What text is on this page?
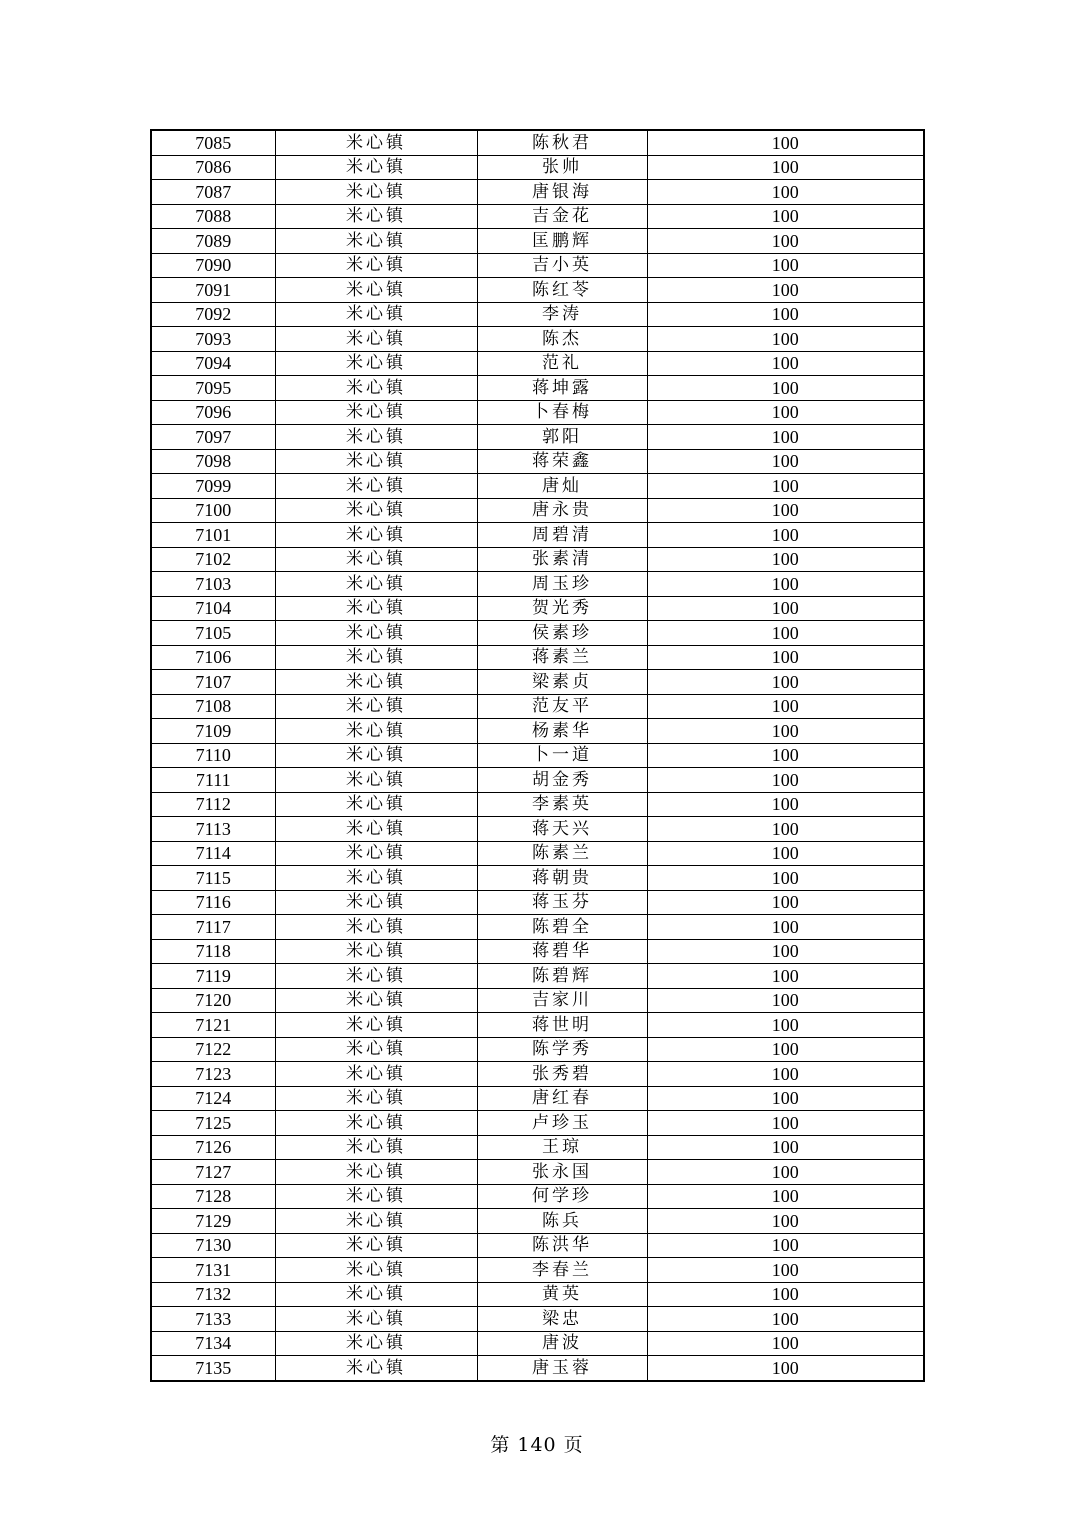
7085	米心镇	陈秋君	100
7086	米心镇	张帅	100
7087	米心镇	唐银海	100
7088	米心镇	吉金花	100
7089	米心镇	匡鹏辉	100
7090	米心镇	吉小英	100
7091	米心镇	陈红苓	100
7092	米心镇	李涛	100
7093	米心镇	陈杰	100
7094	米心镇	范礼	100
7095	米心镇	蒋坤露	100
7096	米心镇	卜春梅	100
7097	米心镇	郭阳	100
7098	米心镇	蒋荣鑫	100
7099	米心镇	唐灿	100
7100	米心镇	唐永贵	100
7101	米心镇	周碧清	100
7102	米心镇	张素清	100
7103	米心镇	周玉珍	100
7104	米心镇	贺光秀	100
7105	米心镇	侯素珍	100
7106	米心镇	蒋素兰	100
7107	米心镇	梁素贞	100
7108	米心镇	范友平	100
7109	米心镇	杨素华	100
7110	米心镇	卜一道	100
7111	米心镇	胡金秀	100
7112	米心镇	李素英	100
7113	米心镇	蒋天兴	100
7114	米心镇	陈素兰	100
7115	米心镇	蒋朝贵	100
7116	米心镇	蒋玉芬	100
7117	米心镇	陈碧全	100
7118	米心镇	蒋碧华	100
7119	米心镇	陈碧辉	100
7120	米心镇	吉家川	100
7121	米心镇	蒋世明	100
7122	米心镇	陈学秀	100
7123	米心镇	张秀碧	100
7124	米心镇	唐红春	100
7125	米心镇	卢珍玉	100
7126	米心镇	王琼	100
7127	米心镇	张永国	100
7128	米心镇	何学珍	100
7129	米心镇	陈兵	100
7130	米心镇	陈洪华	100
7131	米心镇	李春兰	100
7132	米心镇	黄英	100
7133	米心镇	梁忠	100
7134	米心镇	唐波	100
7135	米心镇	唐玉蓉	100
第 140 页
